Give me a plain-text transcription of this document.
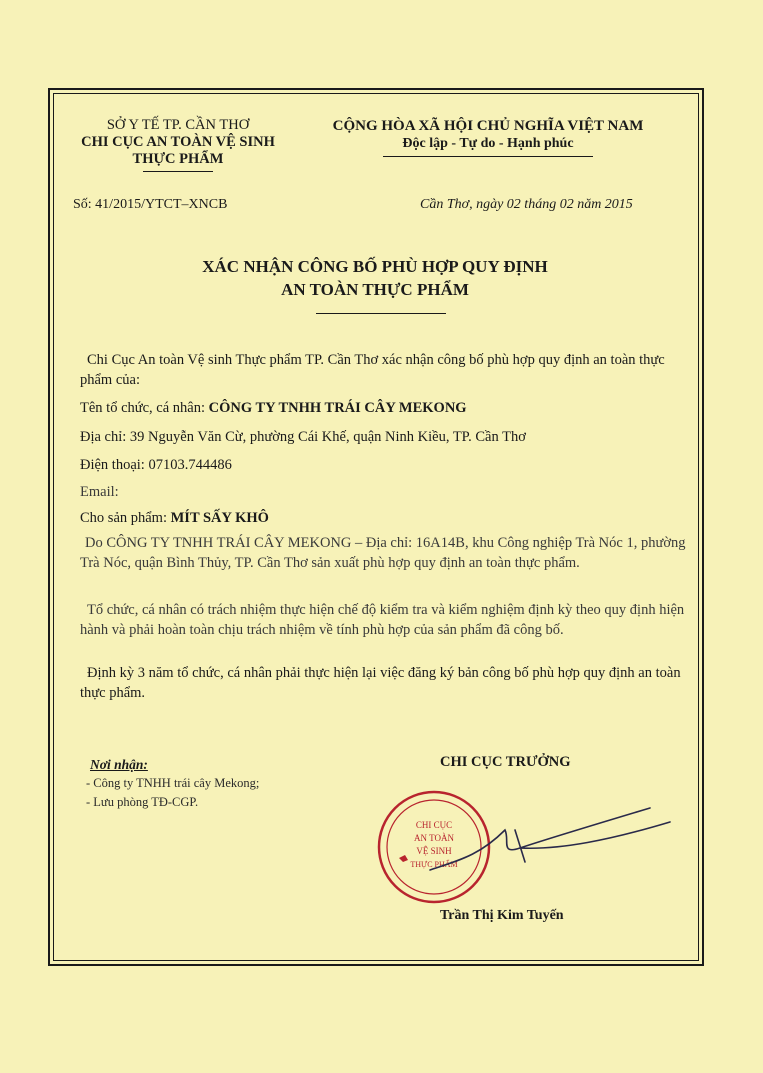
SỞ Y TẾ TP. CẦN THƠ
CHI CỤC AN TOÀN VỆ SINH
THỰC PHẨM
CỘNG HÒA XÃ HỘI CHỦ NGHĨA VIỆT NAM
Độc lập - Tự do - Hạnh phúc
Số: 41/2015/YTCT–XNCB	Cần Thơ, ngày 02 tháng 02 năm 2015
XÁC NHẬN CÔNG BỐ PHÙ HỢP QUY ĐỊNH
AN TOÀN THỰC PHẨM
Chi Cục An toàn Vệ sinh Thực phẩm TP. Cần Thơ xác nhận công bố phù hợp quy định an toàn thực phẩm của:
Tên tổ chức, cá nhân: CÔNG TY TNHH TRÁI CÂY MEKONG
Địa chỉ: 39 Nguyễn Văn Cừ, phường Cái Khế, quận Ninh Kiều, TP. Cần Thơ
Điện thoại: 07103.744486
Email:
Cho sản phẩm: MÍT SẤY KHÔ
Do CÔNG TY TNHH TRÁI CÂY MEKONG – Địa chỉ: 16A14B, khu Công nghiệp Trà Nóc 1, phường Trà Nóc, quận Bình Thủy, TP. Cần Thơ sản xuất phù hợp quy định an toàn thực phẩm.
Tổ chức, cá nhân có trách nhiệm thực hiện chế độ kiểm tra và kiểm nghiệm định kỳ theo quy định hiện hành và phải hoàn toàn chịu trách nhiệm về tính phù hợp của sản phẩm đã công bố.
Định kỳ 3 năm tổ chức, cá nhân phải thực hiện lại việc đăng ký bản công bố phù hợp quy định an toàn thực phẩm.
Nơi nhận:
- Công ty TNHH trái cây Mekong;
- Lưu phòng TĐ-CGP.
CHI CỤC TRƯỞNG
CHI CỤC
AN TOÀN
VỆ SINH
THỰC PHẨM
Trần Thị Kim Tuyến
